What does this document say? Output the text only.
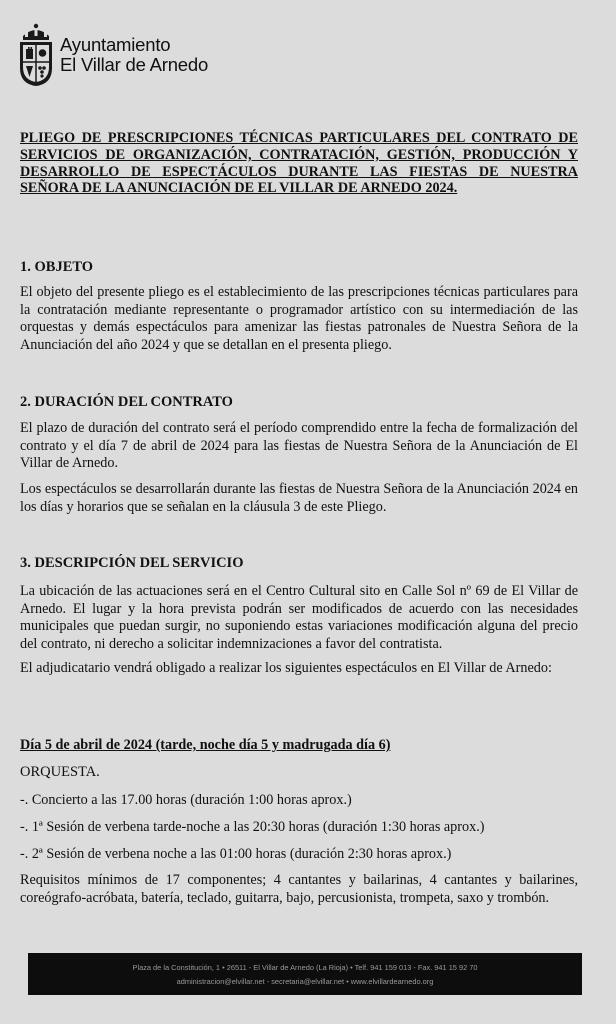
Ayuntamiento
El Villar de Arnedo

PLIEGO DE PRESCRIPCIONES TÉCNICAS PARTICULARES DEL CONTRATO DE SERVICIOS DE ORGANIZACIÓN, CONTRATACIÓN, GESTIÓN, PRODUCCIÓN Y DESARROLLO DE ESPECTÁCULOS DURANTE LAS FIESTAS DE NUESTRA SEÑORA DE LA ANUNCIACIÓN DE EL VILLAR DE ARNEDO 2024.

1. OBJETO

El objeto del presente pliego es el establecimiento de las prescripciones técnicas particulares para la contratación mediante representante o programador artístico con su intermediación de las orquestas y demás espectáculos para amenizar las fiestas patronales de Nuestra Señora de la Anunciación del año 2024 y que se detallan en el presenta pliego.

2. DURACIÓN DEL CONTRATO

El plazo de duración del contrato será el período comprendido entre la fecha de formalización del contrato y el día 7 de abril de 2024 para las fiestas de Nuestra Señora de la Anunciación de El Villar de Arnedo.

Los espectáculos se desarrollarán durante las fiestas de Nuestra Señora de la Anunciación 2024 en los días y horarios que se señalan en la cláusula 3 de este Pliego.

3. DESCRIPCIÓN DEL SERVICIO

La ubicación de las actuaciones será en el Centro Cultural sito en Calle Sol nº 69 de El Villar de Arnedo. El lugar y la hora prevista podrán ser modificados de acuerdo con las necesidades municipales que puedan surgir, no suponiendo estas variaciones modificación alguna del precio del contrato, ni derecho a solicitar indemnizaciones a favor del contratista.

El adjudicatario vendrá obligado a realizar los siguientes espectáculos en El Villar de Arnedo:

Día 5 de abril de 2024 (tarde, noche día 5 y madrugada día 6)

ORQUESTA.

-. Concierto a las 17.00 horas (duración 1:00 horas aprox.)

-. 1ª Sesión de verbena tarde-noche a las 20:30 horas (duración 1:30 horas aprox.)

-. 2ª Sesión de verbena noche a las 01:00 horas (duración 2:30 horas aprox.)

Requisitos mínimos de 17 componentes; 4 cantantes y bailarinas, 4 cantantes y bailarines, coreógrafo-acróbata, batería, teclado, guitarra, bajo, percusionista, trompeta, saxo y trombón.

Plaza de la Constitución, 1 • 26511 - El Villar de Arnedo (La Rioja) • Telf. 941 159 013 - Fax. 941 15 92 70
administracion@elvillar.net - secretaria@elvillar.net • www.elvillardearnedo.org
